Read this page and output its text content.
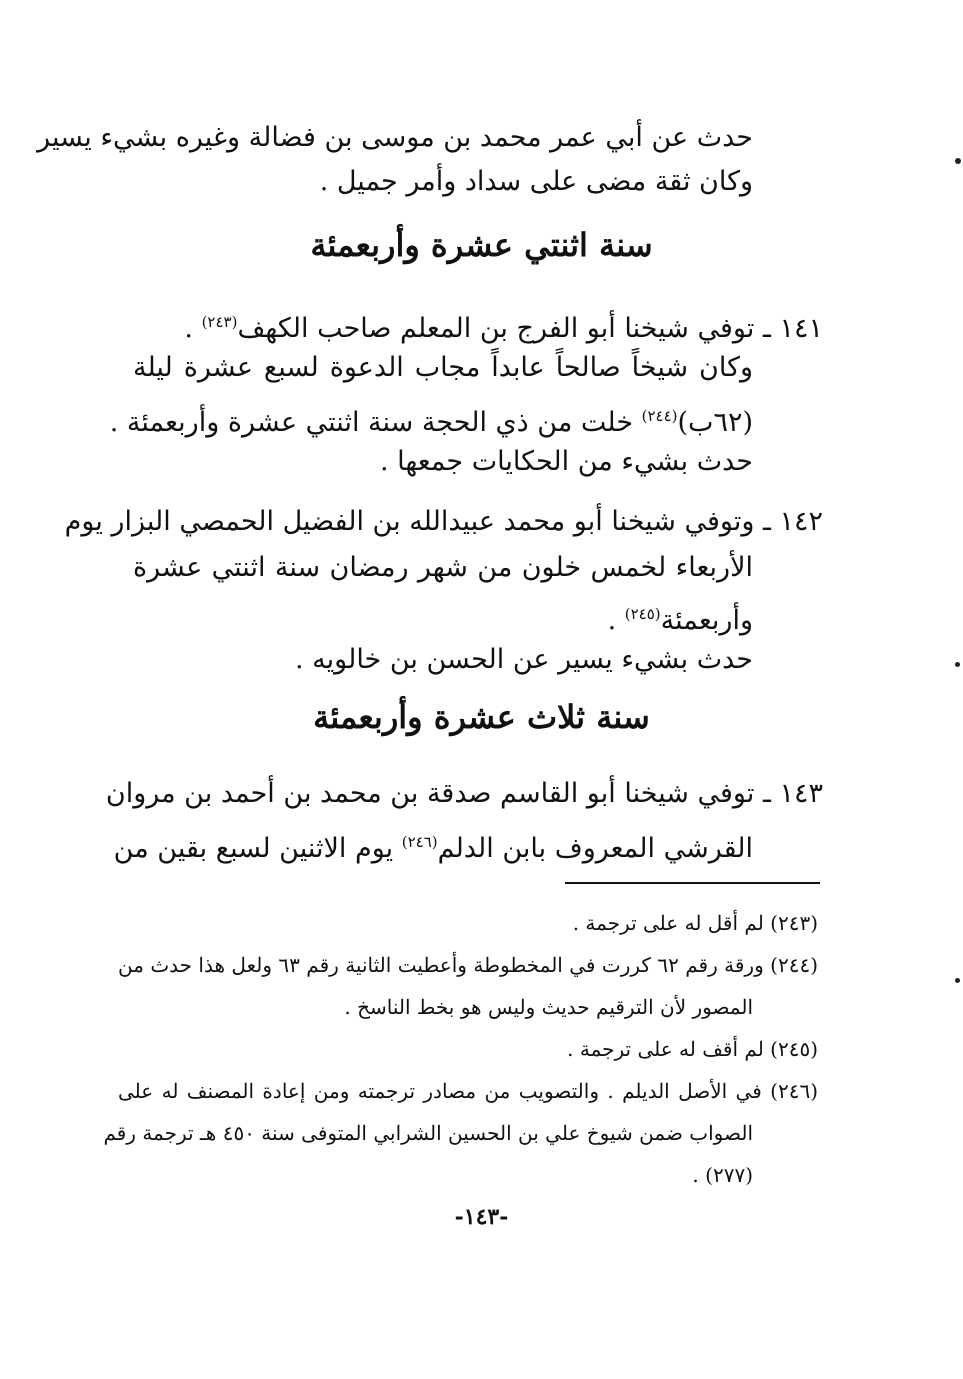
حدث عن أبي عمر محمد بن موسى بن فضالة وغيره بشيء يسير
وكان ثقة مضى على سداد وأمر جميل .
سنة اثنتي عشرة وأربعمئة
١٤١ ـ توفي شيخنا أبو الفرج بن المعلم صاحب الكهف$^{(٢٤٣)}$ .
وكان شيخاً صالحاً عابداً مجاب الدعوة لسبع عشرة ليلة
(٦٢ب)$^{(٢٤٤)}$ خلت من ذي الحجة سنة اثنتي عشرة وأربعمئة .
حدث بشيء من الحكايات جمعها .
١٤٢ ـ وتوفي شيخنا أبو محمد عبيدالله بن الفضيل الحمصي البزار يوم
الأربعاء لخمس خلون من شهر رمضان سنة اثنتي عشرة
وأربعمئة$^{(٢٤٥)}$ .
حدث بشيء يسير عن الحسن بن خالويه .
سنة ثلاث عشرة وأربعمئة
١٤٣ ـ توفي شيخنا أبو القاسم صدقة بن محمد بن أحمد بن مروان
القرشي المعروف بابن الدلم$^{(٢٤٦)}$ يوم الاثنين لسبع بقين من
(٢٤٣) لم أقل له على ترجمة .
(٢٤٤) ورقة رقم ٦٢ كررت في المخطوطة وأعطيت الثانية رقم ٦٣ ولعل هذا حدث من
المصور لأن الترقيم حديث وليس هو بخط الناسخ .
(٢٤٥) لم أقف له على ترجمة .
(٢٤٦) في الأصل الديلم . والتصويب من مصادر ترجمته ومن إعادة المصنف له على
الصواب ضمن شيوخ علي بن الحسين الشرابي المتوفى سنة ٤٥٠ هـ ترجمة رقم
(٢٧٧) .
-١٤٣-
